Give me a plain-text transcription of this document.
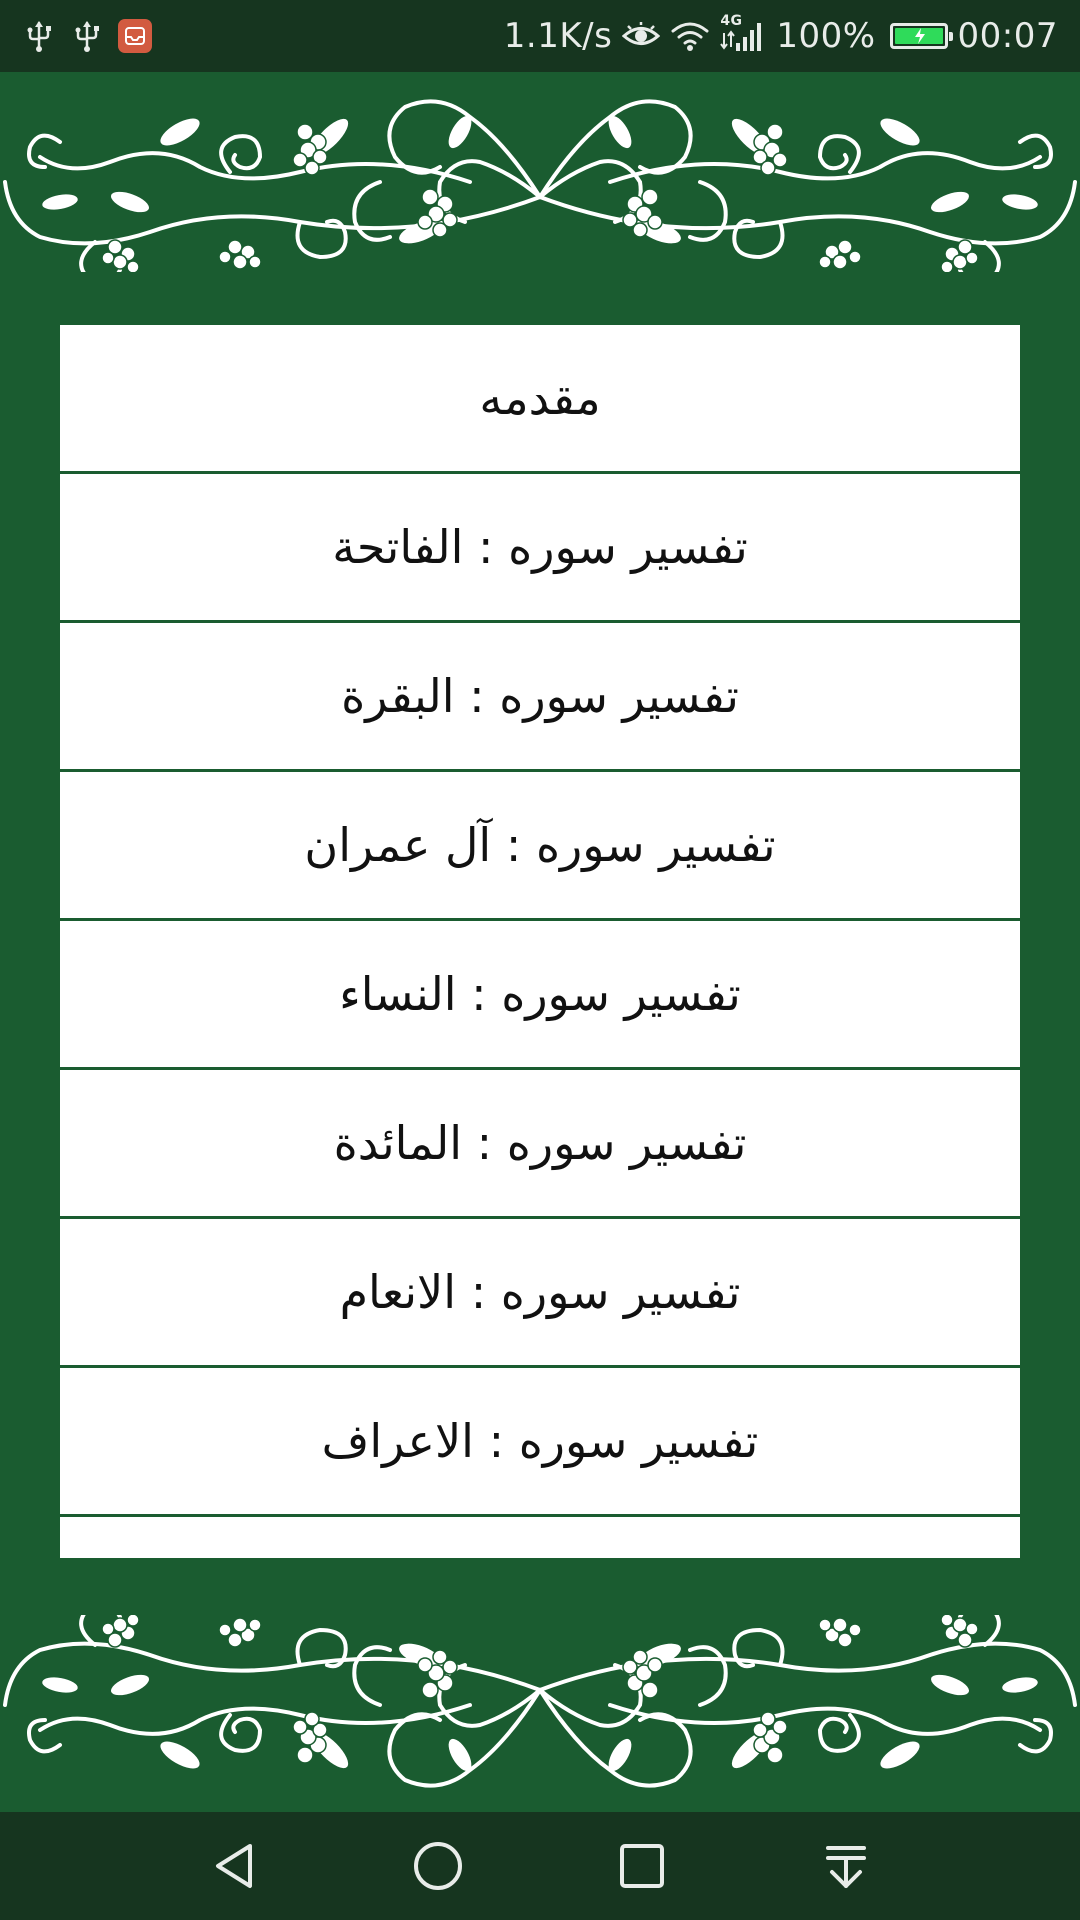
1.1K/s	4G 100% 00:07
مقدمه
تفسير سوره : الفاتحة
تفسير سوره : البقرة
تفسير سوره : آل عمران
تفسير سوره : النساء
تفسير سوره : المائدة
تفسير سوره : الانعام
تفسير سوره : الاعراف
